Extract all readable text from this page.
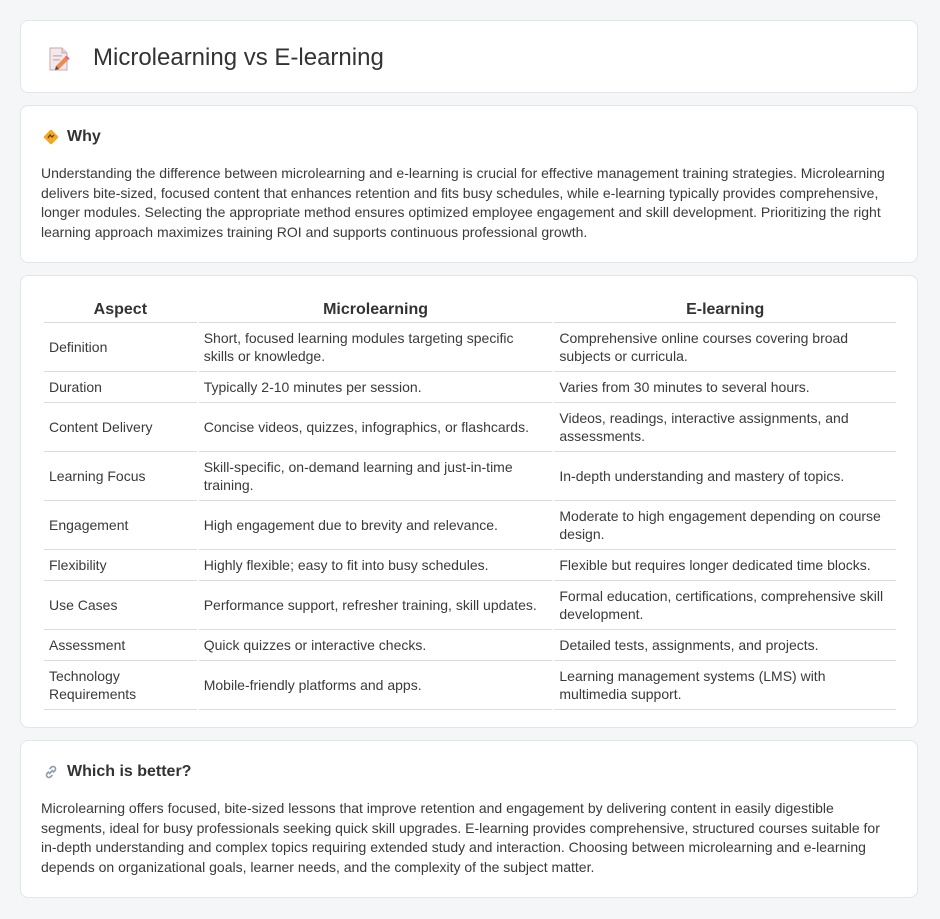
Microlearning vs E-learning
Why

Understanding the difference between microlearning and e-learning is crucial for effective management training strategies. Microlearning delivers bite-sized, focused content that enhances retention and fits busy schedules, while e-learning typically provides comprehensive, longer modules. Selecting the appropriate method ensures optimized employee engagement and skill development. Prioritizing the right learning approach maximizes training ROI and supports continuous professional growth.

Aspect	Microlearning	E-learning
Definition	Short, focused learning modules targeting specific skills or knowledge.	Comprehensive online courses covering broad subjects or curricula.
Duration	Typically 2-10 minutes per session.	Varies from 30 minutes to several hours.
Content Delivery	Concise videos, quizzes, infographics, or flashcards.	Videos, readings, interactive assignments, and assessments.
Learning Focus	Skill-specific, on-demand learning and just-in-time training.	In-depth understanding and mastery of topics.
Engagement	High engagement due to brevity and relevance.	Moderate to high engagement depending on course design.
Flexibility	Highly flexible; easy to fit into busy schedules.	Flexible but requires longer dedicated time blocks.
Use Cases	Performance support, refresher training, skill updates.	Formal education, certifications, comprehensive skill development.
Assessment	Quick quizzes or interactive checks.	Detailed tests, assignments, and projects.
Technology Requirements	Mobile-friendly platforms and apps.	Learning management systems (LMS) with multimedia support.
Which is better?

Microlearning offers focused, bite-sized lessons that improve retention and engagement by delivering content in easily digestible segments, ideal for busy professionals seeking quick skill upgrades. E-learning provides comprehensive, structured courses suitable for in-depth understanding and complex topics requiring extended study and interaction. Choosing between microlearning and e-learning depends on organizational goals, learner needs, and the complexity of the subject matter.
